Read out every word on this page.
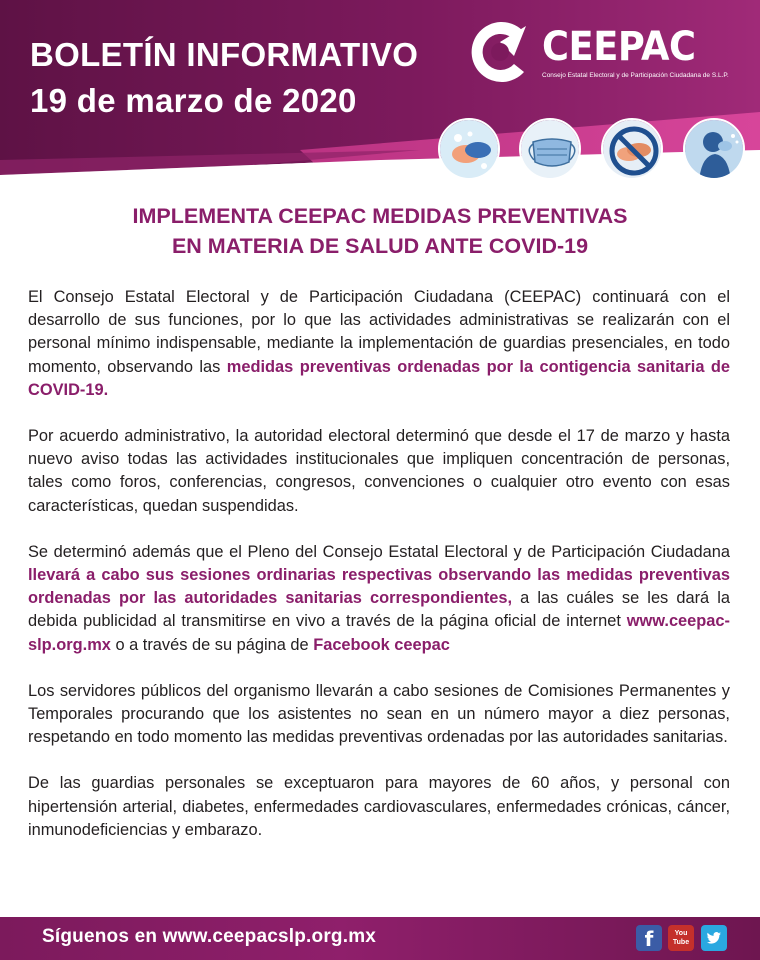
BOLETÍN INFORMATIVO
19 de marzo de 2020
CEEPAC
Consejo Estatal Electoral y de Participación Ciudadana de S.L.P.
IMPLEMENTA CEEPAC MEDIDAS PREVENTIVAS
EN MATERIA DE SALUD ANTE COVID-19

El Consejo Estatal Electoral y de Participación Ciudadana (CEEPAC) continuará con el desarrollo de sus funciones, por lo que las actividades administrativas se realizarán con el personal mínimo indispensable, mediante la implementación de guardias presenciales, en todo momento, observando las medidas preventivas ordenadas por la contigencia sanitaria de COVID-19.

Por acuerdo administrativo, la autoridad electoral determinó que desde el 17 de marzo y hasta nuevo aviso todas las actividades institucionales que impliquen concentración de personas, tales como foros, conferencias, congresos, convenciones o cualquier otro evento con esas características, quedan suspendidas.

Se determinó además que el Pleno del Consejo Estatal Electoral y de Participación Ciudadana llevará a cabo sus sesiones ordinarias respectivas observando las medidas preventivas ordenadas por las autoridades sanitarias correspondientes, a las cuáles se les dará la debida publicidad al transmitirse en vivo a través de la página oficial de internet www.ceepac-slp.org.mx o a través de su página de Facebook ceepac

Los servidores públicos del organismo llevarán a cabo sesiones de Comisiones Permanentes y Temporales procurando que los asistentes no sean en un número mayor a diez personas, respetando en todo momento las medidas preventivas ordenadas por las autoridades sanitarias.

De las guardias personales se exceptuaron para mayores de 60 años, y personal con hipertensión arterial, diabetes, enfermedades cardiovasculares, enfermedades crónicas, cáncer, inmunodeficiencias y embarazo.

Síguenos en www.ceepacslp.org.mx	f	You
Tube
